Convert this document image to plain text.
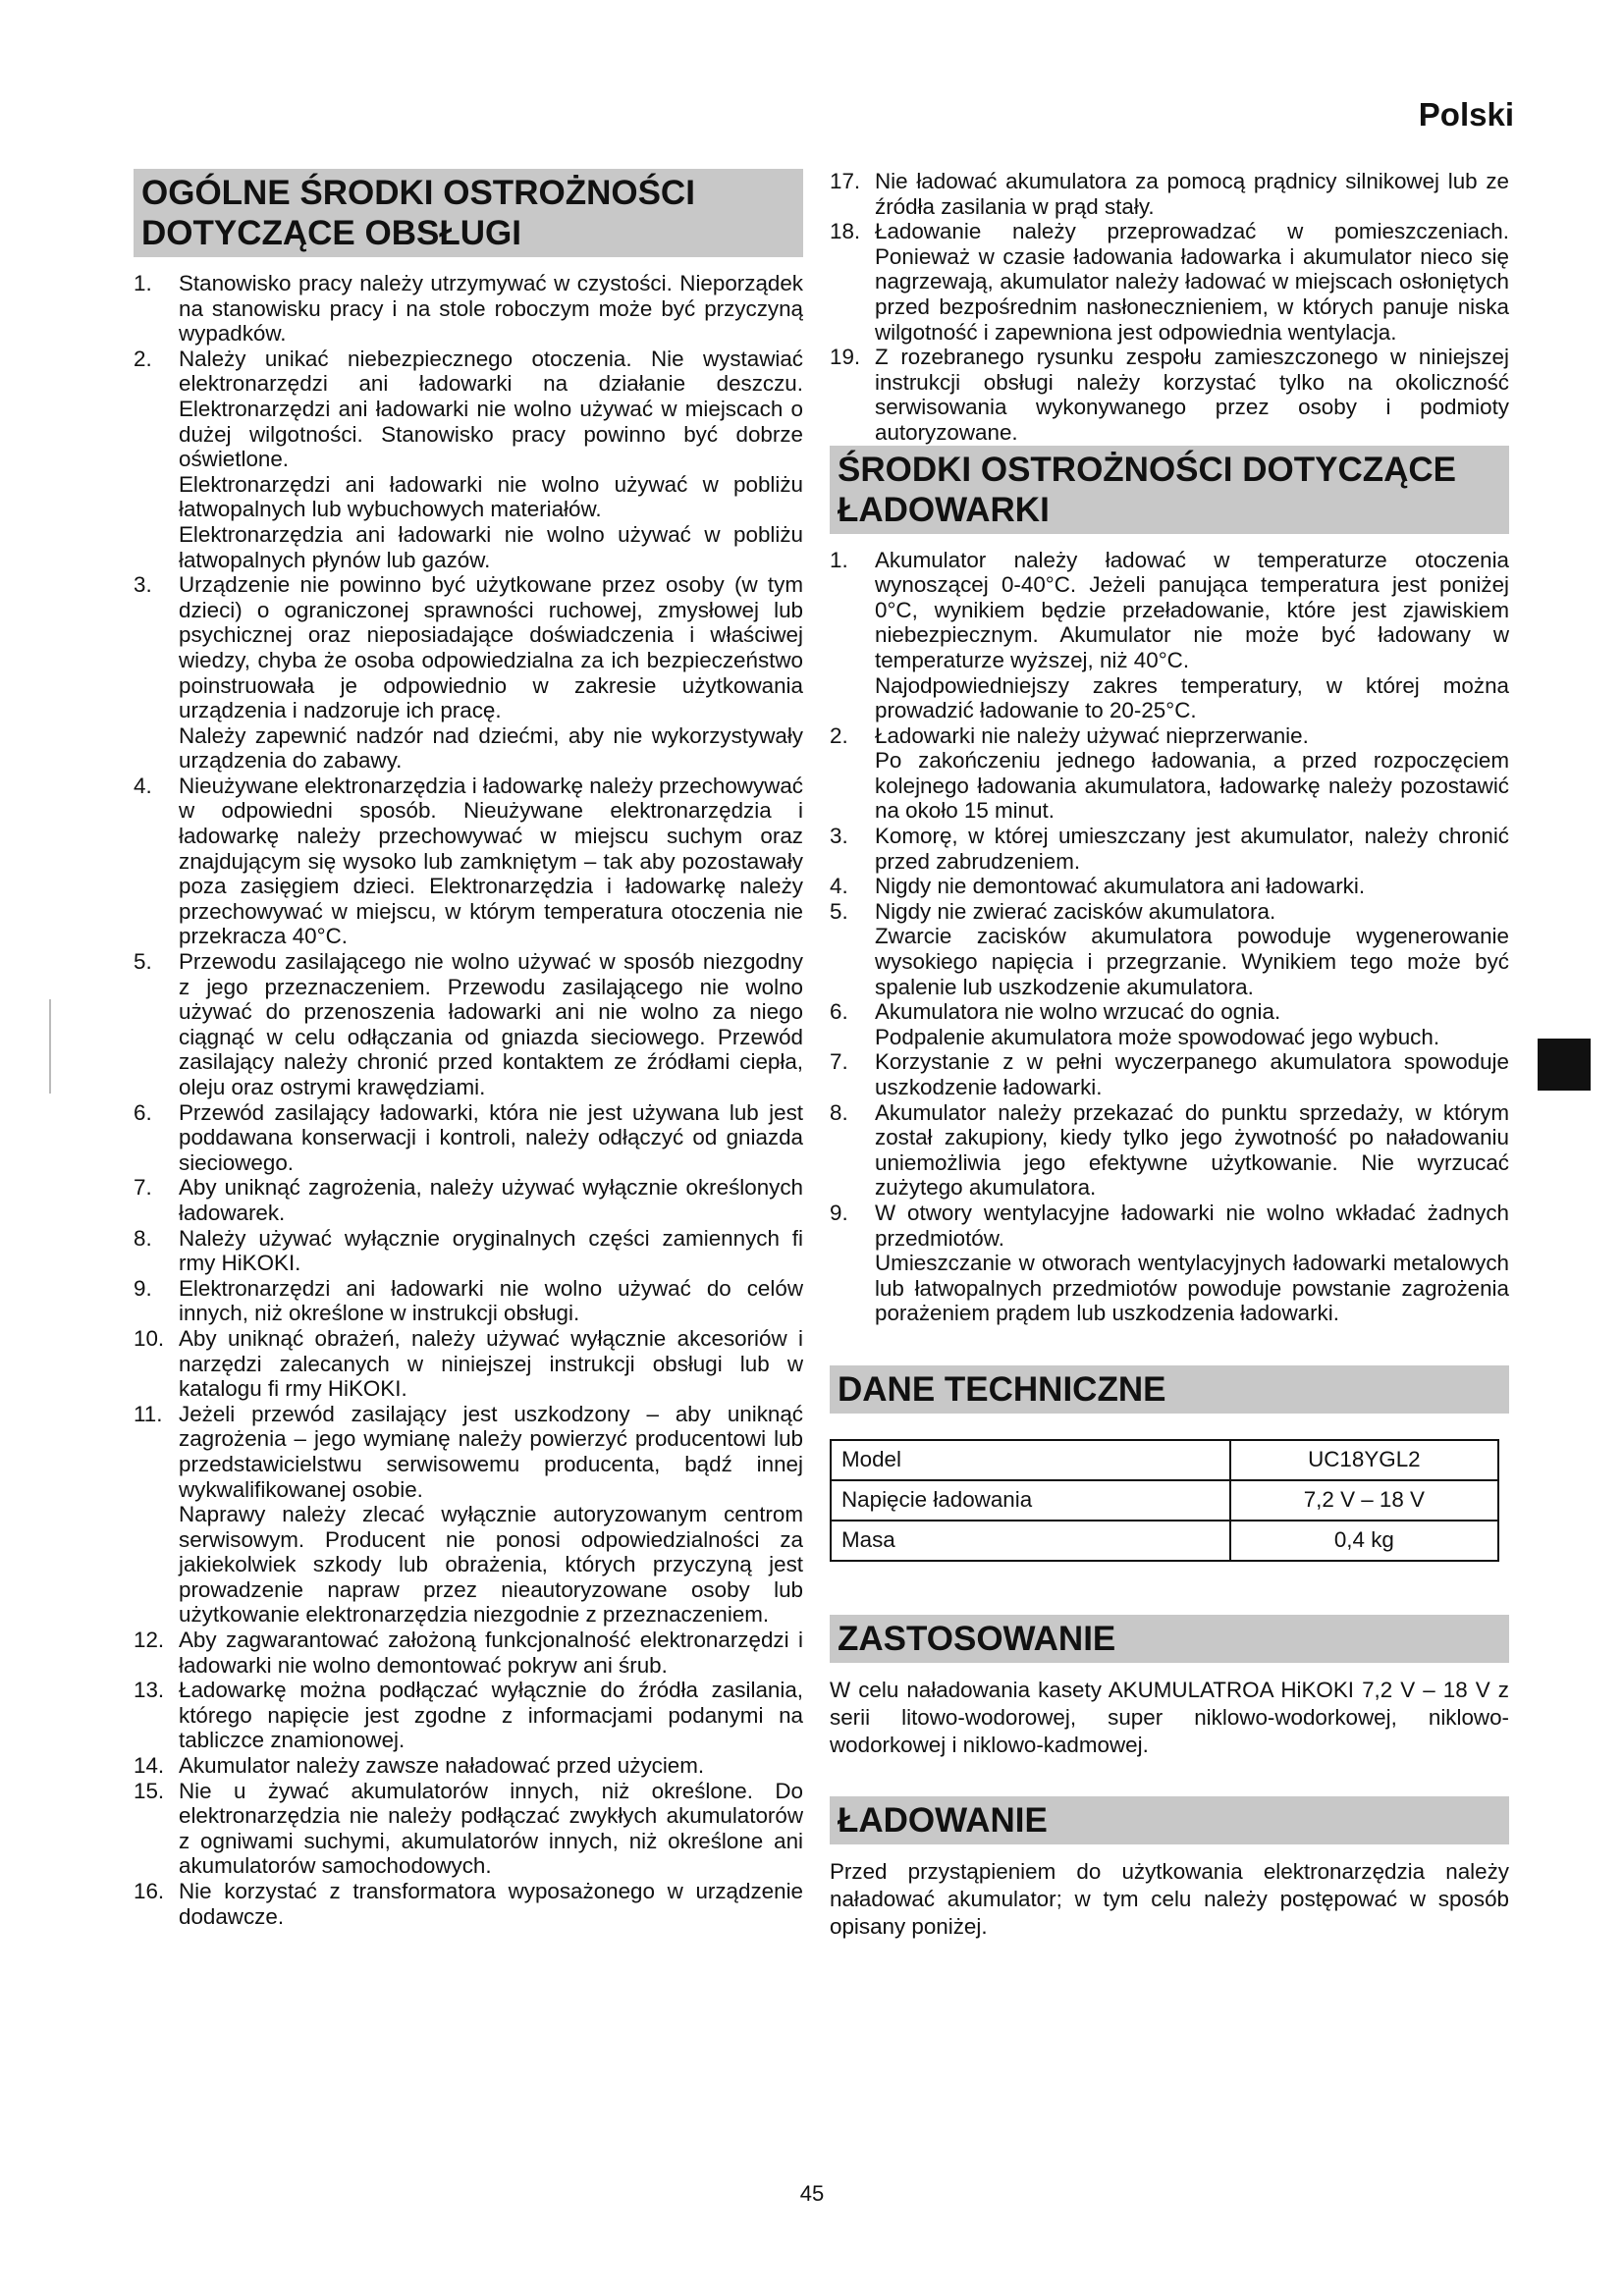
Polski
OGÓLNE ŚRODKI OSTROŻNOŚCI DOTYCZĄCE OBSŁUGI
1.	Stanowisko pracy należy utrzymywać w czystości. Nieporządek na stanowisku pracy i na stole roboczym może być przyczyną wypadków.

2.	Należy unikać niebezpiecznego otoczenia. Nie wystawiać elektronarzędzi ani ładowarki na działanie deszczu. Elektronarzędzi ani ładowarki nie wolno używać w miejscach o dużej wilgotności. Stanowisko pracy powinno być dobrze oświetlone.

Elektronarzędzi ani ładowarki nie wolno używać w pobliżu łatwopalnych lub wybuchowych materiałów.

Elektronarzędzia ani ładowarki nie wolno używać w pobliżu łatwopalnych płynów lub gazów.

3.	Urządzenie nie powinno być użytkowane przez osoby (w tym dzieci) o ograniczonej sprawności ruchowej, zmysłowej lub psychicznej oraz nieposiadające doświadczenia i właściwej wiedzy, chyba że osoba odpowiedzialna za ich bezpieczeństwo poinstruowała je odpowiednio w zakresie użytkowania urządzenia i nadzoruje ich pracę.

Należy zapewnić nadzór nad dziećmi, aby nie wykorzystywały urządzenia do zabawy.

4.	Nieużywane elektronarzędzia i ładowarkę należy przechowywać w odpowiedni sposób. Nieużywane elektronarzędzia i ładowarkę należy przechowywać w miejscu suchym oraz znajdującym się wysoko lub zamkniętym – tak aby pozostawały poza zasięgiem dzieci. Elektronarzędzia i ładowarkę należy przechowywać w miejscu, w którym temperatura otoczenia nie przekracza 40°C.

5.	Przewodu zasilającego nie wolno używać w sposób niezgodny z jego przeznaczeniem. Przewodu zasilającego nie wolno używać do przenoszenia ładowarki ani nie wolno za niego ciągnąć w celu odłączania od gniazda sieciowego. Przewód zasilający należy chronić przed kontaktem ze źródłami ciepła, oleju oraz ostrymi krawędziami.

6.	Przewód zasilający ładowarki, która nie jest używana lub jest poddawana konserwacji i kontroli, należy odłączyć od gniazda sieciowego.

7.	Aby uniknąć zagrożenia, należy używać wyłącznie określonych ładowarek.

8.	Należy używać wyłącznie oryginalnych części zamiennych fi rmy HiKOKI.

9.	Elektronarzędzi ani ładowarki nie wolno używać do celów innych, niż określone w instrukcji obsługi.

10. Aby uniknąć obrażeń, należy używać wyłącznie akcesoriów i narzędzi zalecanych w niniejszej instrukcji obsługi lub w katalogu fi rmy HiKOKI.

11. Jeżeli przewód zasilający jest uszkodzony – aby uniknąć zagrożenia – jego wymianę należy powierzyć producentowi lub przedstawicielstwu serwisowemu producenta, bądź innej wykwalifikowanej osobie.

Naprawy należy zlecać wyłącznie autoryzowanym centrom serwisowym. Producent nie ponosi odpowiedzialności za jakiekolwiek szkody lub obrażenia, których przyczyną jest prowadzenie napraw przez nieautoryzowane osoby lub użytkowanie elektronarzędzia niezgodnie z przeznaczeniem.

12. Aby zagwarantować założoną funkcjonalność elektronarzędzi i ładowarki nie wolno demontować pokryw ani śrub.

13. Ładowarkę można podłączać wyłącznie do źródła zasilania, którego napięcie jest zgodne z informacjami podanymi na tabliczce znamionowej.

14. Akumulator należy zawsze naładować przed użyciem.

15. Nie u żywać akumulatorów innych, niż określone. Do elektronarzędzia nie należy podłączać zwykłych akumulatorów z ogniwami suchymi, akumulatorów innych, niż określone ani akumulatorów samochodowych.

16. Nie korzystać z transformatora wyposażonego w urządzenie dodawcze.

17. Nie ładować akumulatora za pomocą prądnicy silnikowej lub ze źródła zasilania w prąd stały.

18. Ładowanie należy przeprowadzać w pomieszczeniach. Ponieważ w czasie ładowania ładowarka i akumulator nieco się nagrzewają, akumulator należy ładować w miejscach osłoniętych przed bezpośrednim nasłonecznieniem, w których panuje niska wilgotność i zapewniona jest odpowiednia wentylacja.

19. Z rozebranego rysunku zespołu zamieszczonego w niniejszej instrukcji obsługi należy korzystać tylko na okoliczność serwisowania wykonywanego przez osoby i podmioty autoryzowane.

ŚRODKI OSTROŻNOŚCI DOTYCZĄCE ŁADOWARKI
1.	Akumulator należy ładować w temperaturze otoczenia wynoszącej 0-40°C. Jeżeli panująca temperatura jest poniżej 0°C, wynikiem będzie przeładowanie, które jest zjawiskiem niebezpiecznym. Akumulator nie może być ładowany w temperaturze wyższej, niż 40°C.

Najodpowiedniejszy zakres temperatury, w której można prowadzić ładowanie to 20-25°C.

2.	Ładowarki nie należy używać nieprzerwanie.

Po zakończeniu jednego ładowania, a przed rozpoczęciem kolejnego ładowania akumulatora, ładowarkę należy pozostawić na około 15 minut.

3.	Komorę, w której umieszczany jest akumulator, należy chronić przed zabrudzeniem.

4.	Nigdy nie demontować akumulatora ani ładowarki.

5.	Nigdy nie zwierać zacisków akumulatora.

Zwarcie zacisków akumulatora powoduje wygenerowanie wysokiego napięcia i przegrzanie. Wynikiem tego może być spalenie lub uszkodzenie akumulatora.

6.	Akumulatora nie wolno wrzucać do ognia.

Podpalenie akumulatora może spowodować jego wybuch.

7.	Korzystanie z w pełni wyczerpanego akumulatora spowoduje uszkodzenie ładowarki.

8.	Akumulator należy przekazać do punktu sprzedaży, w którym został zakupiony, kiedy tylko jego żywotność po naładowaniu uniemożliwia jego efektywne użytkowanie. Nie wyrzucać zużytego akumulatora.

9.	W otwory wentylacyjne ładowarki nie wolno wkładać żadnych przedmiotów.

Umieszczanie w otworach wentylacyjnych ładowarki metalowych lub łatwopalnych przedmiotów powoduje powstanie zagrożenia porażeniem prądem lub uszkodzenia ładowarki.

DANE TECHNICZNE
Model	UC18YGL2
Napięcie ładowania	7,2 V – 18 V
Masa	0,4 kg
ZASTOSOWANIE

W celu naładowania kasety AKUMULATROA HiKOKI 7,2 V – 18 V z serii litowo-wodorowej, super niklowo-wodorkowej, niklowo-wodorkowej i niklowo-kadmowej.

ŁADOWANIE

Przed przystąpieniem do użytkowania elektronarzędzia należy naładować akumulator; w tym celu należy postępować w sposób opisany poniżej.

45
